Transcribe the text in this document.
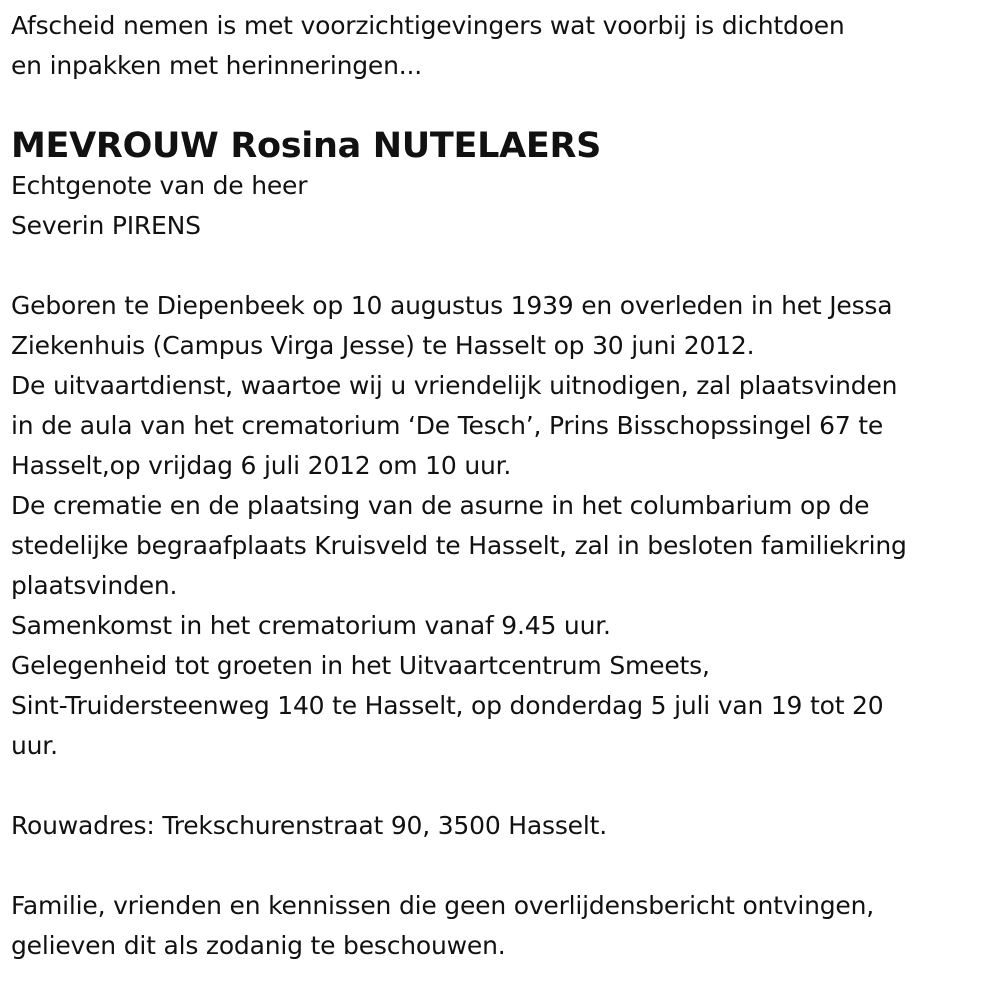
Afscheid nemen is met voorzichtigevingers wat voorbij is dichtdoen
en inpakken met herinneringen...
MEVROUW Rosina NUTELAERS
Echtgenote van de heer
Severin PIRENS
Geboren te Diepenbeek op 10 augustus 1939 en overleden in het Jessa
Ziekenhuis (Campus Virga Jesse) te Hasselt op 30 juni 2012.
De uitvaartdienst, waartoe wij u vriendelijk uitnodigen, zal plaatsvinden
in de aula van het crematorium ‘De Tesch’, Prins Bisschopssingel 67 te
Hasselt,op vrijdag 6 juli 2012 om 10 uur.
De crematie en de plaatsing van de asurne in het columbarium op de
stedelijke begraafplaats Kruisveld te Hasselt, zal in besloten familiekring
plaatsvinden.
Samenkomst in het crematorium vanaf 9.45 uur.
Gelegenheid tot groeten in het Uitvaartcentrum Smeets,
Sint-Truidersteenweg 140 te Hasselt, op donderdag 5 juli van 19 tot 20
uur.
Rouwadres: Trekschurenstraat 90, 3500 Hasselt.
Familie, vrienden en kennissen die geen overlijdensbericht ontvingen,
gelieven dit als zodanig te beschouwen.
